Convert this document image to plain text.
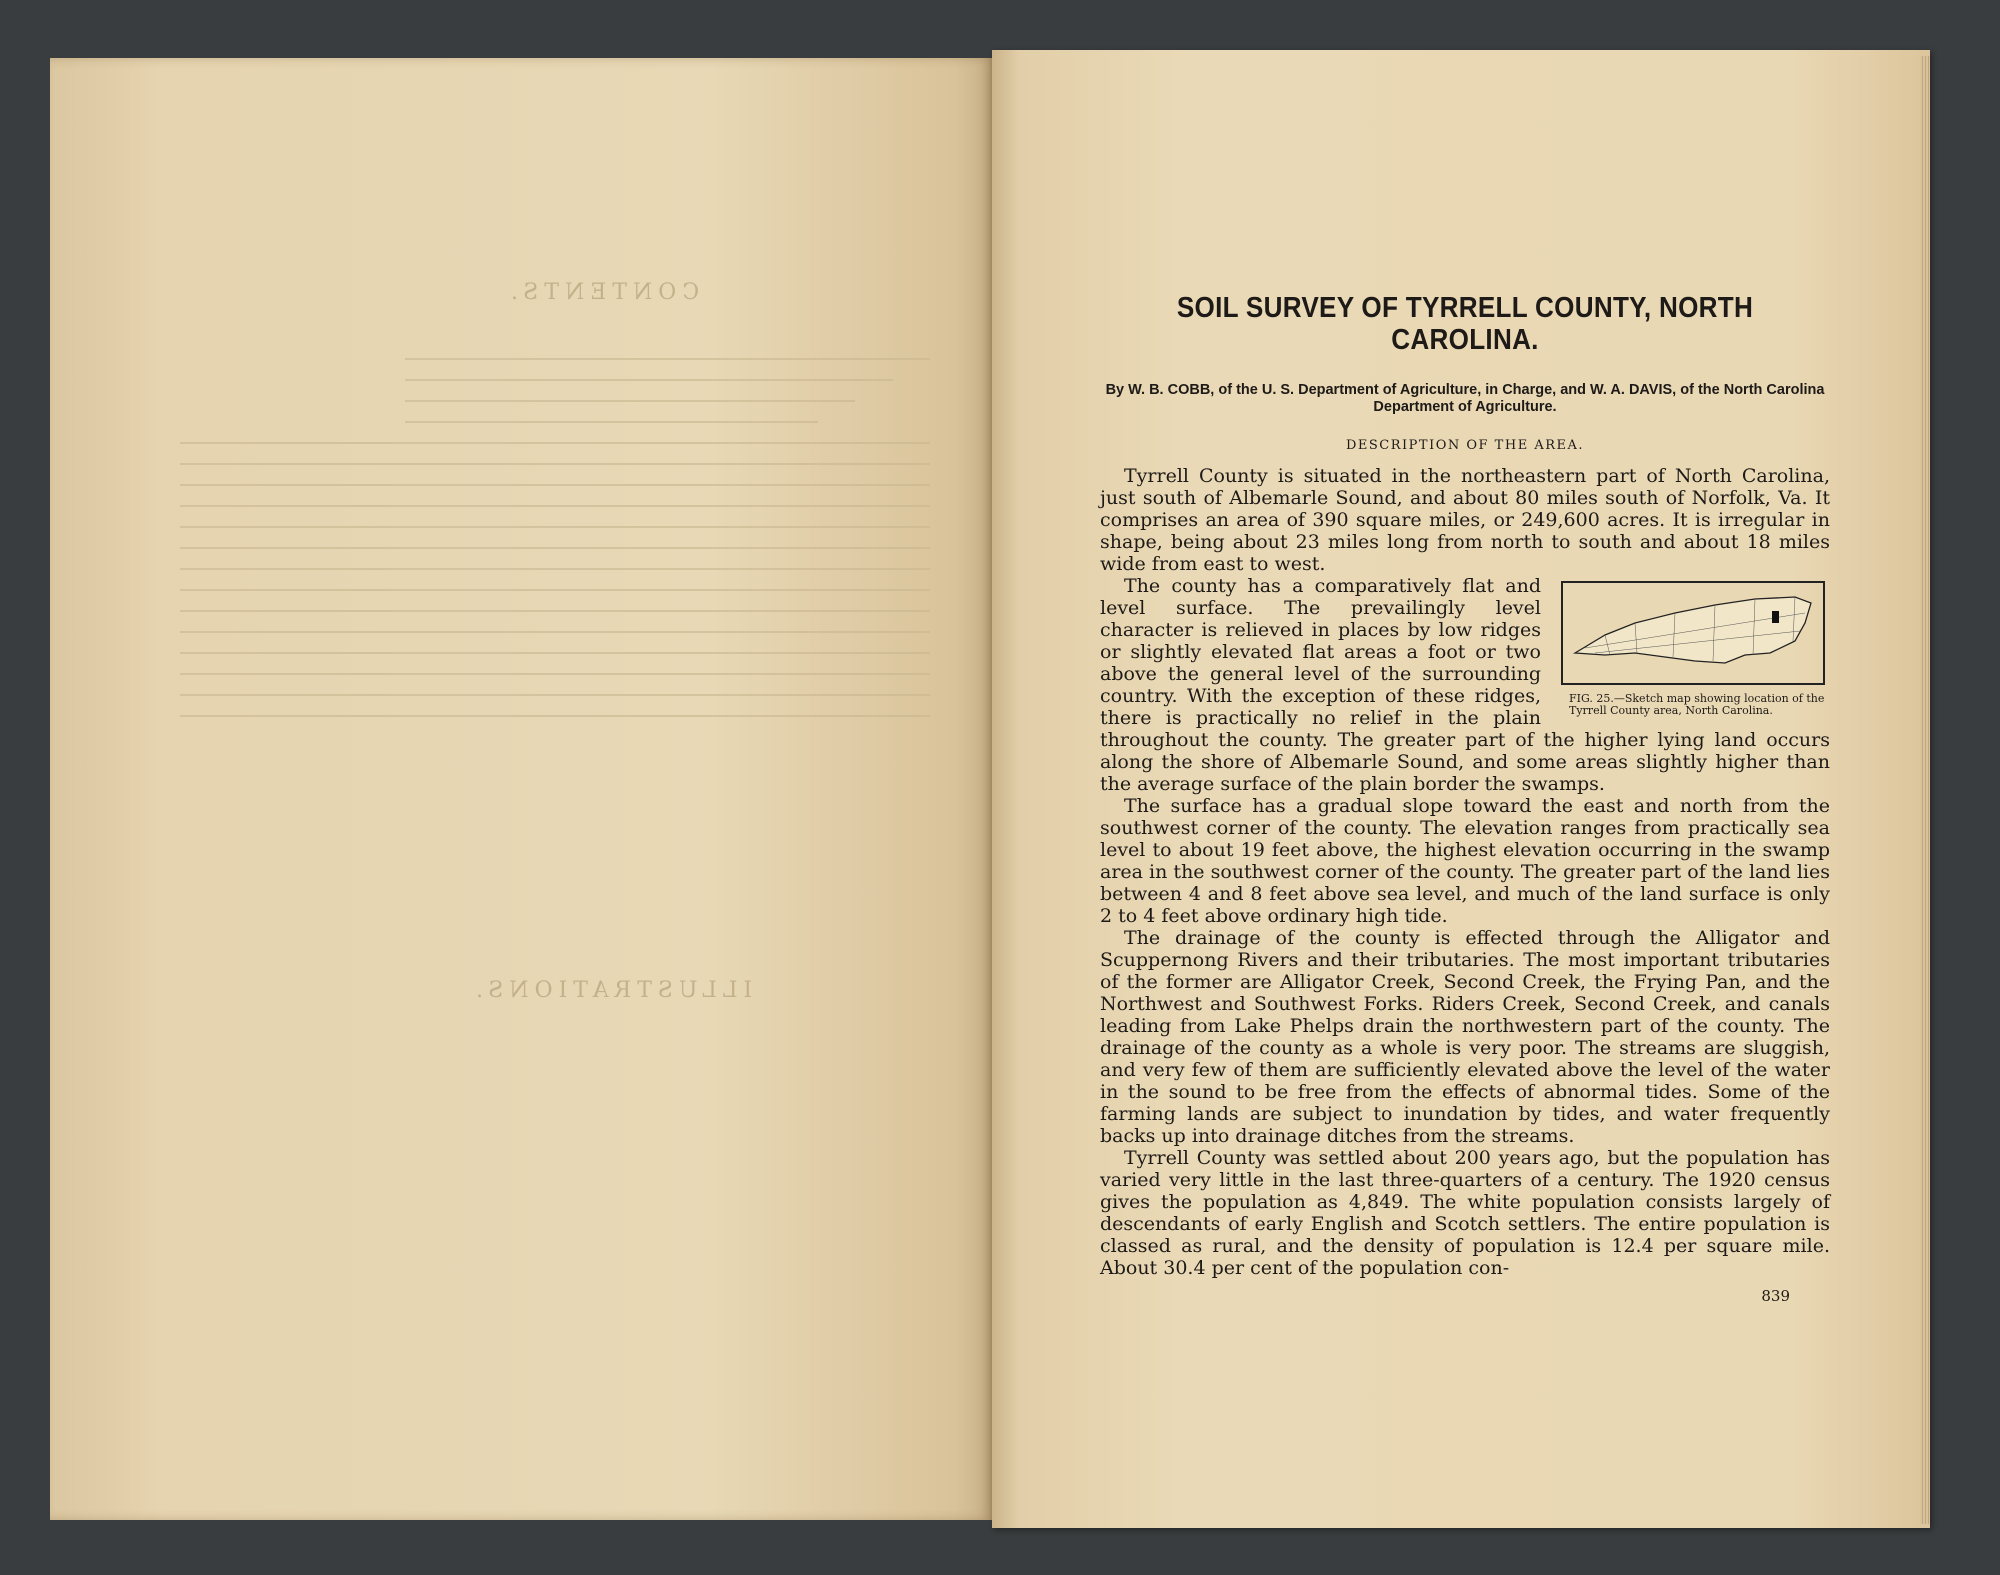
CONTENTS.
ILLUSTRATIONS.
SOIL SURVEY OF TYRRELL COUNTY, NORTH CAROLINA.

By W. B. COBB, of the U. S. Department of Agriculture, in Charge, and W. A. DAVIS, of the North Carolina Department of Agriculture.

DESCRIPTION OF THE AREA.

Tyrrell County is situated in the northeastern part of North Carolina, just south of Albemarle Sound, and about 80 miles south of Norfolk, Va. It comprises an area of 390 square miles, or 249,600 acres. It is irregular in shape, being about 23 miles long from north to south and about 18 miles wide from east to west.

FIG. 25.—Sketch map showing location of the Tyrrell County area, North Carolina.

The county has a comparatively flat and level surface. The prevailingly level character is relieved in places by low ridges or slightly elevated flat areas a foot or two above the general level of the surrounding country. With the exception of these ridges, there is practically no relief in the plain throughout the county. The greater part of the higher lying land occurs along the shore of Albemarle Sound, and some areas slightly higher than the average surface of the plain border the swamps.

The surface has a gradual slope toward the east and north from the southwest corner of the county. The elevation ranges from practically sea level to about 19 feet above, the highest elevation occurring in the swamp area in the southwest corner of the county. The greater part of the land lies between 4 and 8 feet above sea level, and much of the land surface is only 2 to 4 feet above ordinary high tide.

The drainage of the county is effected through the Alligator and Scuppernong Rivers and their tributaries. The most important tributaries of the former are Alligator Creek, Second Creek, the Frying Pan, and the Northwest and Southwest Forks. Riders Creek, Second Creek, and canals leading from Lake Phelps drain the northwestern part of the county. The drainage of the county as a whole is very poor. The streams are sluggish, and very few of them are sufficiently elevated above the level of the water in the sound to be free from the effects of abnormal tides. Some of the farming lands are subject to inundation by tides, and water frequently backs up into drainage ditches from the streams.

Tyrrell County was settled about 200 years ago, but the population has varied very little in the last three-quarters of a century. The 1920 census gives the population as 4,849. The white population consists largely of descendants of early English and Scotch settlers. The entire population is classed as rural, and the density of population is 12.4 per square mile. About 30.4 per cent of the population con-

839
